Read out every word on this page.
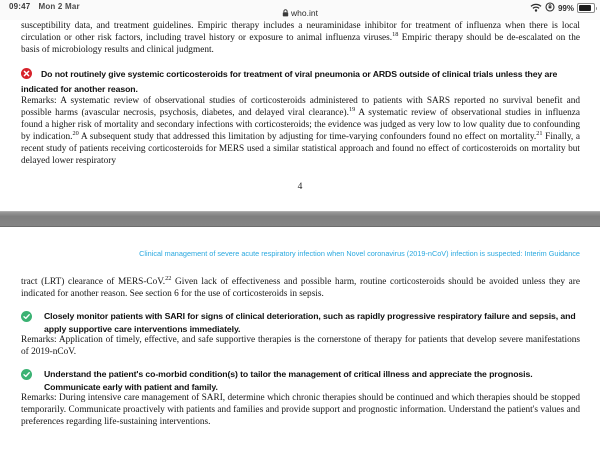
09:47 Mon 2 Mar	99%
who.int
susceptibility data, and treatment guidelines. Empiric therapy includes a neuraminidase inhibitor for treatment of influenza when there is local circulation or other risk factors, including travel history or exposure to animal influenza viruses.$^{18}$ Empiric therapy should be de-escalated on the basis of microbiology results and clinical judgment.
Do not routinely give systemic corticosteroids for treatment of viral pneumonia or ARDS outside of clinical trials unless they are indicated for another reason.
Remarks: A systematic review of observational studies of corticosteroids administered to patients with SARS reported no survival benefit and possible harms (avascular necrosis, psychosis, diabetes, and delayed viral clearance).$^{19}$ A systematic review of observational studies in influenza found a higher risk of mortality and secondary infections with corticosteroids; the evidence was judged as very low to low quality due to confounding by indication.$^{20}$ A subsequent study that addressed this limitation by adjusting for time-varying confounders found no effect on mortality.$^{21}$ Finally, a recent study of patients receiving corticosteroids for MERS used a similar statistical approach and found no effect of corticosteroids on mortality but delayed lower respiratory
4
Clinical management of severe acute respiratory infection when Novel coronavirus (2019-nCoV) infection is suspected: Interim Guidance
tract (LRT) clearance of MERS-CoV.$^{22}$ Given lack of effectiveness and possible harm, routine corticosteroids should be avoided unless they are indicated for another reason. See section 6 for the use of corticosteroids in sepsis.
Closely monitor patients with SARI for signs of clinical deterioration, such as rapidly progressive respiratory failure and sepsis, and apply supportive care interventions immediately.
Remarks: Application of timely, effective, and safe supportive therapies is the cornerstone of therapy for patients that develop severe manifestations of 2019-nCoV.
Understand the patient's co-morbid condition(s) to tailor the management of critical illness and appreciate the prognosis. Communicate early with patient and family.
Remarks: During intensive care management of SARI, determine which chronic therapies should be continued and which therapies should be stopped temporarily. Communicate proactively with patients and families and provide support and prognostic information. Understand the patient's values and preferences regarding life-sustaining interventions.
